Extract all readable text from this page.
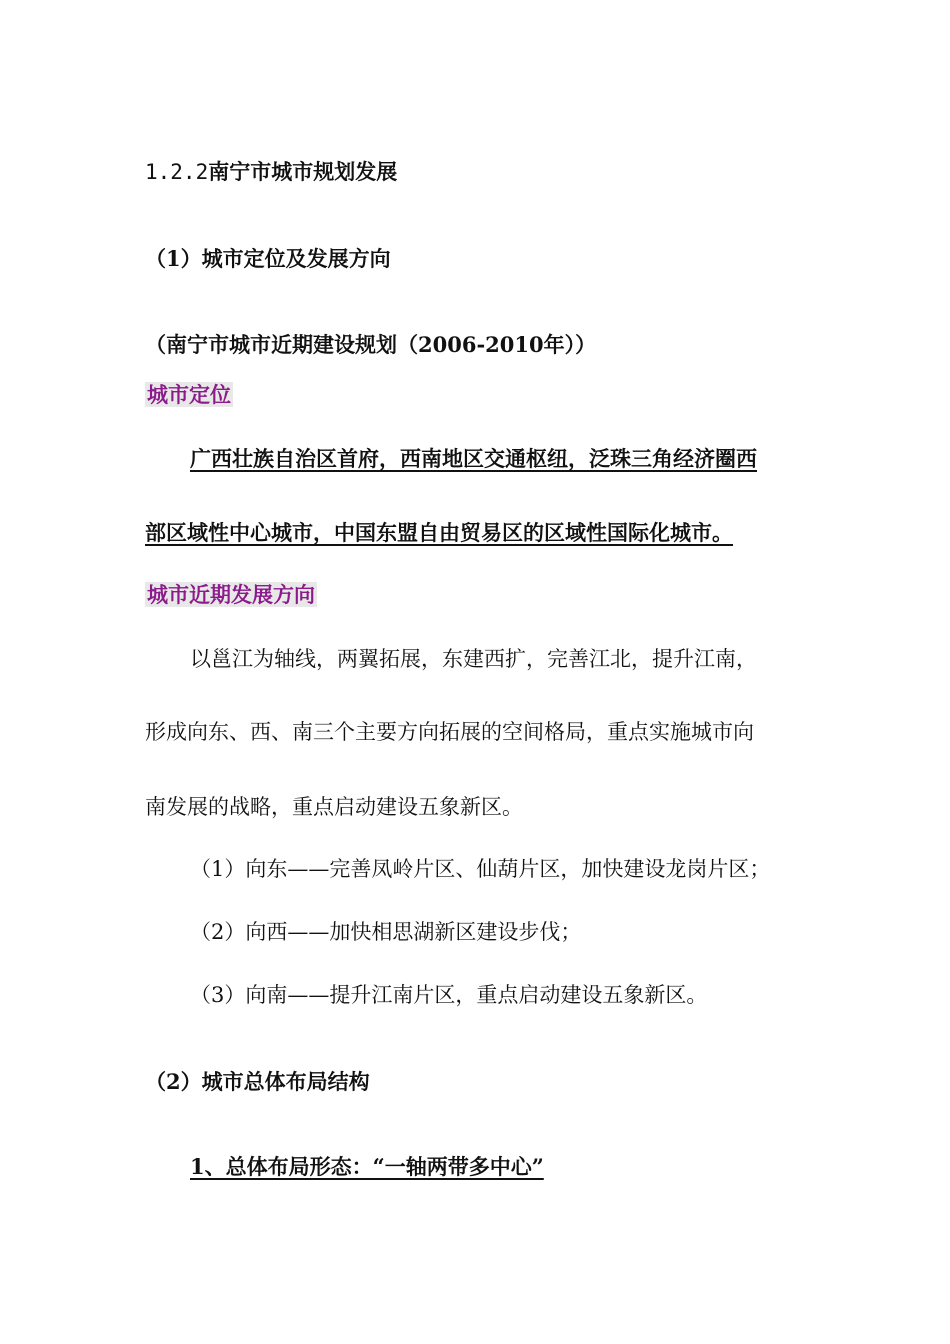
1.2.2南宁市城市规划发展
（1）城市定位及发展方向
（南宁市城市近期建设规划（2006-2010年））
城市定位
广西壮族自治区首府，西南地区交通枢纽，泛珠三角经济圈西
部区域性中心城市，中国东盟自由贸易区的区域性国际化城市。
城市近期发展方向
以邕江为轴线，两翼拓展，东建西扩，完善江北，提升江南，
形成向东、西、南三个主要方向拓展的空间格局，重点实施城市向
南发展的战略，重点启动建设五象新区。
（1）向东——完善凤岭片区、仙葫片区，加快建设龙岗片区；
（2）向西——加快相思湖新区建设步伐；
（3）向南——提升江南片区，重点启动建设五象新区。
（2）城市总体布局结构
1、总体布局形态：“一轴两带多中心”
